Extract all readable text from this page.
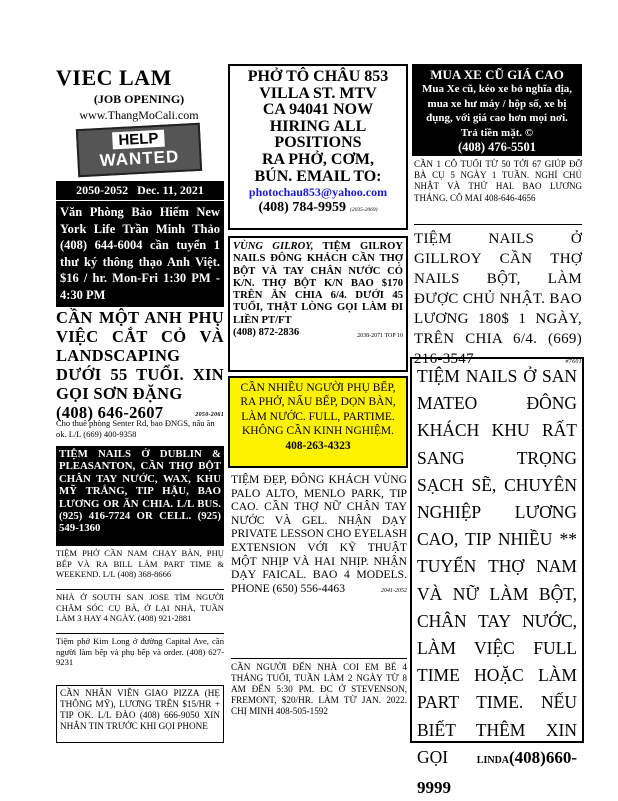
VIEC LAM
(JOB OPENING)
www.ThangMoCali.com
HELP
WANTED
2050-2052   Dec. 11, 2021
Văn Phòng Bảo Hiểm New York Life Trần Minh Thảo (408) 644-6004 cần tuyển 1 thư ký thông thạo Anh Việt. $16 / hr. Mon-Fri 1:30 PM - 4:30 PM
CẦN MỘT ANH PHỤ VIỆC CẮT CỎ VÀ LANDSCAPING DƯỚI 55 TUỔI. XIN GỌI SƠN ĐẶNG
(408) 646-2607	2050-2061
Cho thuê phòng Senter Rd, bao ĐNGS, nấu ăn ok. L/L (669) 400-9358
TIỆM NAILS Ở DUBLIN & PLEASANTON, CẦN THỢ BỘT CHÂN TAY NƯỚC, WAX, KHU MỸ TRẮNG, TIP HẬU, BAO LƯƠNG OR ĂN CHIA. L/L BUS. (925) 416-7724 OR CELL. (925) 549-1360
TIỆM PHỞ CẦN NAM CHẠY BÀN, PHỤ BẾP VÀ RA BILL LÀM PART TIME & WEEKEND. L/L (408) 368-8666
NHÀ Ở SOUTH SAN JOSE TÌM NGƯỜI CHĂM SÓC CỤ BÀ, Ở LẠI NHÀ, TUẦN LÀM 3 HAY 4 NGÀY. (408) 921-2881
Tiệm phở Kim Long ở đường Capital Ave, cần người làm bếp và phụ bếp và order. (408) 627-9231
CẦN NHÂN VIÊN GIAO PIZZA (HẸ THÔNG MỸ), LƯƠNG TRÊN $15/HR + TIP OK. L/L ĐÀO (408) 666-9050 XIN NHẮN TIN TRƯỚC KHI GỌI PHONE
PHỞ TÔ CHÂU 853
VILLA ST. MTV
CA 94041 NOW
HIRING ALL
POSITIONS
RA PHỞ, CƠM,
BÚN. EMAIL TO:
photochau853@yahoo.com
(408) 784-9959 (2035-2069)
VÙNG GILROY, TIỆM GILROY NAILS ĐÔNG KHÁCH CẦN THỢ BỘT VÀ TAY CHÂN NƯỚC CÓ K/N. THỢ BỘT K/N BAO $170 TRÊN ĂN CHIA 6/4. DƯỚI 45 TUỔI, THẬT LÒNG GỌI LÀM ĐI LIỀN PT/FT
(408) 872-2836	2038-2071 TOP 10
CẦN NHIỀU NGƯỜI PHỤ BẾP, RA PHỞ, NẤU BẾP, DỌN BÀN, LÀM NƯỚC. FULL, PARTIME. KHÔNG CẦN KINH NGHIỆM. 408-263-4323
TIỆM ĐẸP, ĐÔNG KHÁCH VÙNG PALO ALTO, MENLO PARK, TIP CAO. CẦN THỢ NỮ CHÂN TAY NƯỚC VÀ GEL. NHẬN DẠY PRIVATE LESSON CHO EYELASH EXTENSION VỚI KỸ THUẬT MỘT NHỊP VÀ HAI NHỊP. NHẬN DẠY FAICAL. BAO 4 MODELS. PHONE (650) 556-4463	2041-2052
CẦN NGƯỜI ĐẾN NHÀ COI EM BÉ 4 THÁNG TUỔI, TUẦN LÀM 2 NGÀY TỪ 8 AM ĐẾN 5:30 PM. ĐC Ở STEVENSON, FREMONT, $20/HR. LÀM TỪ JAN. 2022. CHỊ MINH 408-505-1592
MUA XE CŨ GIÁ CAO
Mua Xe cũ, kéo xe bỏ nghĩa địa, mua xe hư máy / hộp số, xe bị đụng, với giá cao hơn mọi nơi. Trả tiền mặt. ©
(408) 476-5501
CẦN 1 CÔ TUỔI TỪ 50 TỚI 67 GIÚP ĐỠ BÀ CỤ 5 NGÀY 1 TUẦN. NGHỈ CHỦ NHẬT VÀ THỨ HAI. BAO LƯƠNG THÁNG. CÔ MAI 408-646-4656
TIỆM NAILS Ở GILLROY CẦN THỢ NAILS BỘT, LÀM ĐƯỢC CHỦ NHẬT. BAO LƯƠNG 180$ 1 NGÀY, TRÊN CHIA 6/4. (669) 216-3547	#7601
TIỆM NAILS Ở SAN MATEO ĐÔNG KHÁCH KHU RẤT SANG TRỌNG SẠCH SẼ, CHUYÊN NGHIỆP LƯƠNG CAO, TIP NHIỀU ** TUYỂN THỢ NAM VÀ NỮ LÀM BỘT, CHÂN TAY NƯỚC, LÀM VIỆC FULL TIME HOẶC LÀM PART TIME. NẾU BIẾT THÊM XIN GỌI	LINDA(408)660-9999
